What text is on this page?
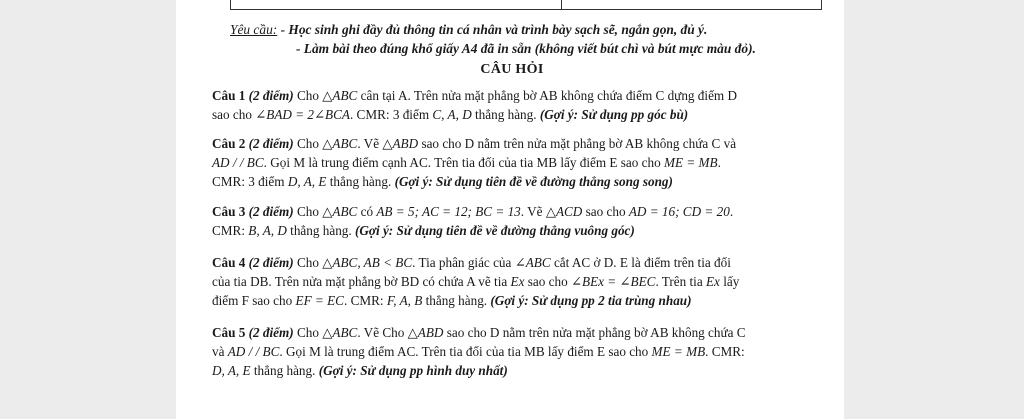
Yêu cầu: - Học sinh ghi đầy đủ thông tin cá nhân và trình bày sạch sẽ, ngắn gọn, đủ ý.
- Làm bài theo đúng khổ giấy A4 đã in sẵn (không viết bút chì và bút mực màu đỏ).
CÂU HỎI
Câu 1 (2 điểm) Cho △ABC cân tại A. Trên nửa mặt phẳng bờ AB không chứa điểm C dựng điểm D
sao cho ∠BAD = 2∠BCA. CMR: 3 điểm C, A, D thẳng hàng. (Gợi ý: Sử dụng pp góc bù)
Câu 2 (2 điểm) Cho △ABC. Vẽ △ABD sao cho D nằm trên nửa mặt phẳng bờ AB không chứa C và
AD / / BC. Gọi M là trung điểm cạnh AC. Trên tia đối của tia MB lấy điểm E sao cho ME = MB.
CMR: 3 điểm D, A, E thẳng hàng. (Gợi ý: Sử dụng tiên đề về đường thẳng song song)
Câu 3 (2 điểm) Cho △ABC có AB = 5; AC = 12; BC = 13. Vẽ △ACD sao cho AD = 16; CD = 20.
CMR: B, A, D thẳng hàng. (Gợi ý: Sử dụng tiên đề về đường thẳng vuông góc)
Câu 4 (2 điểm) Cho △ABC, AB < BC. Tia phân giác của ∠ABC cắt AC ở D. E là điểm trên tia đối
của tia DB. Trên nửa mặt phẳng bờ BD có chứa A vẽ tia Ex sao cho ∠BEx = ∠BEC. Trên tia Ex lấy
điểm F sao cho EF = EC. CMR: F, A, B thẳng hàng. (Gợi ý: Sử dụng pp 2 tia trùng nhau)
Câu 5 (2 điểm) Cho △ABC. Vẽ Cho △ABD sao cho D nằm trên nửa mặt phẳng bờ AB không chứa C
và AD / / BC. Gọi M là trung điểm AC. Trên tia đối của tia MB lấy điểm E sao cho ME = MB. CMR:
D, A, E thẳng hàng. (Gợi ý: Sử dụng pp hình duy nhất)
